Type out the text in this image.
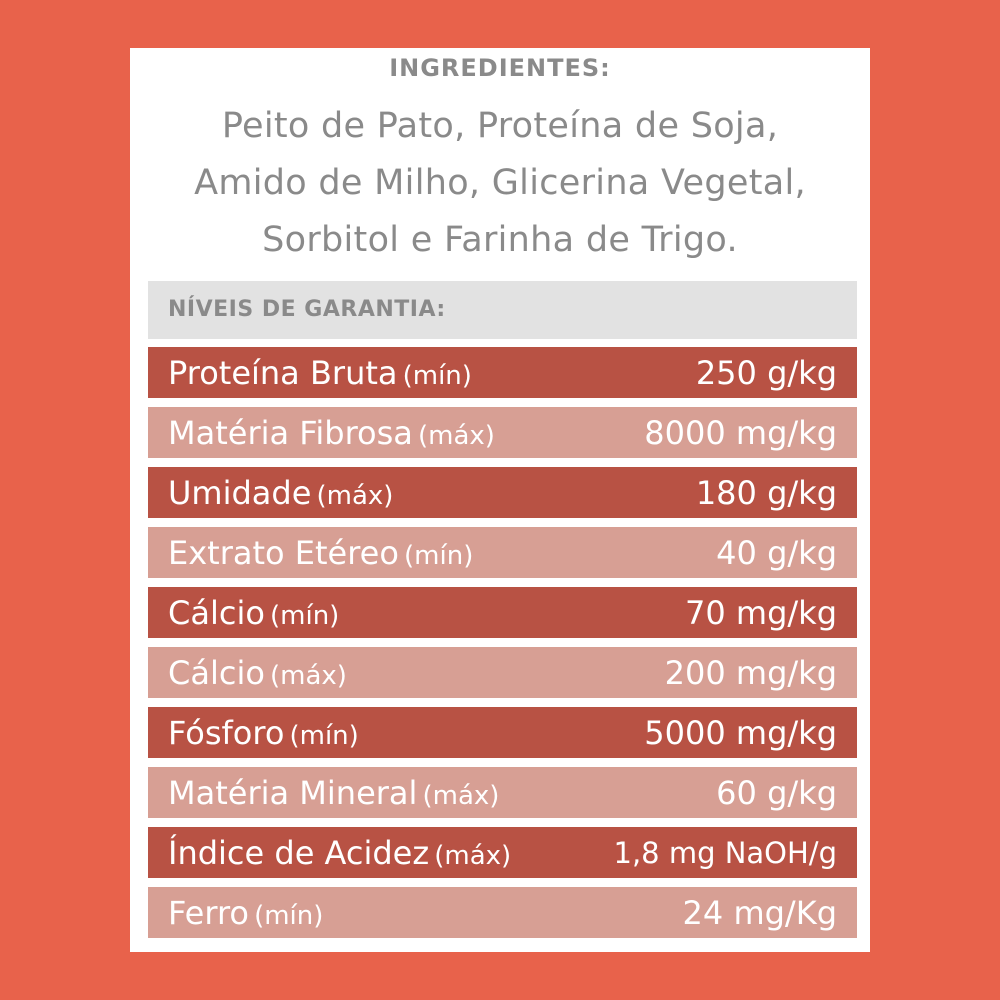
INGREDIENTES:
Peito de Pato, Proteína de Soja,
Amido de Milho, Glicerina Vegetal,
Sorbitol e Farinha de Trigo.
NÍVEIS DE GARANTIA:
Proteína Bruta (mín)	250 g/kg
Matéria Fibrosa (máx)	8000 mg/kg
Umidade (máx)	180 g/kg
Extrato Etéreo (mín)	40 g/kg
Cálcio (mín)	70 mg/kg
Cálcio (máx)	200 mg/kg
Fósforo (mín)	5000 mg/kg
Matéria Mineral (máx)	60 g/kg
Índice de Acidez (máx)	1,8 mg NaOH/g
Ferro (mín)	24 mg/Kg
